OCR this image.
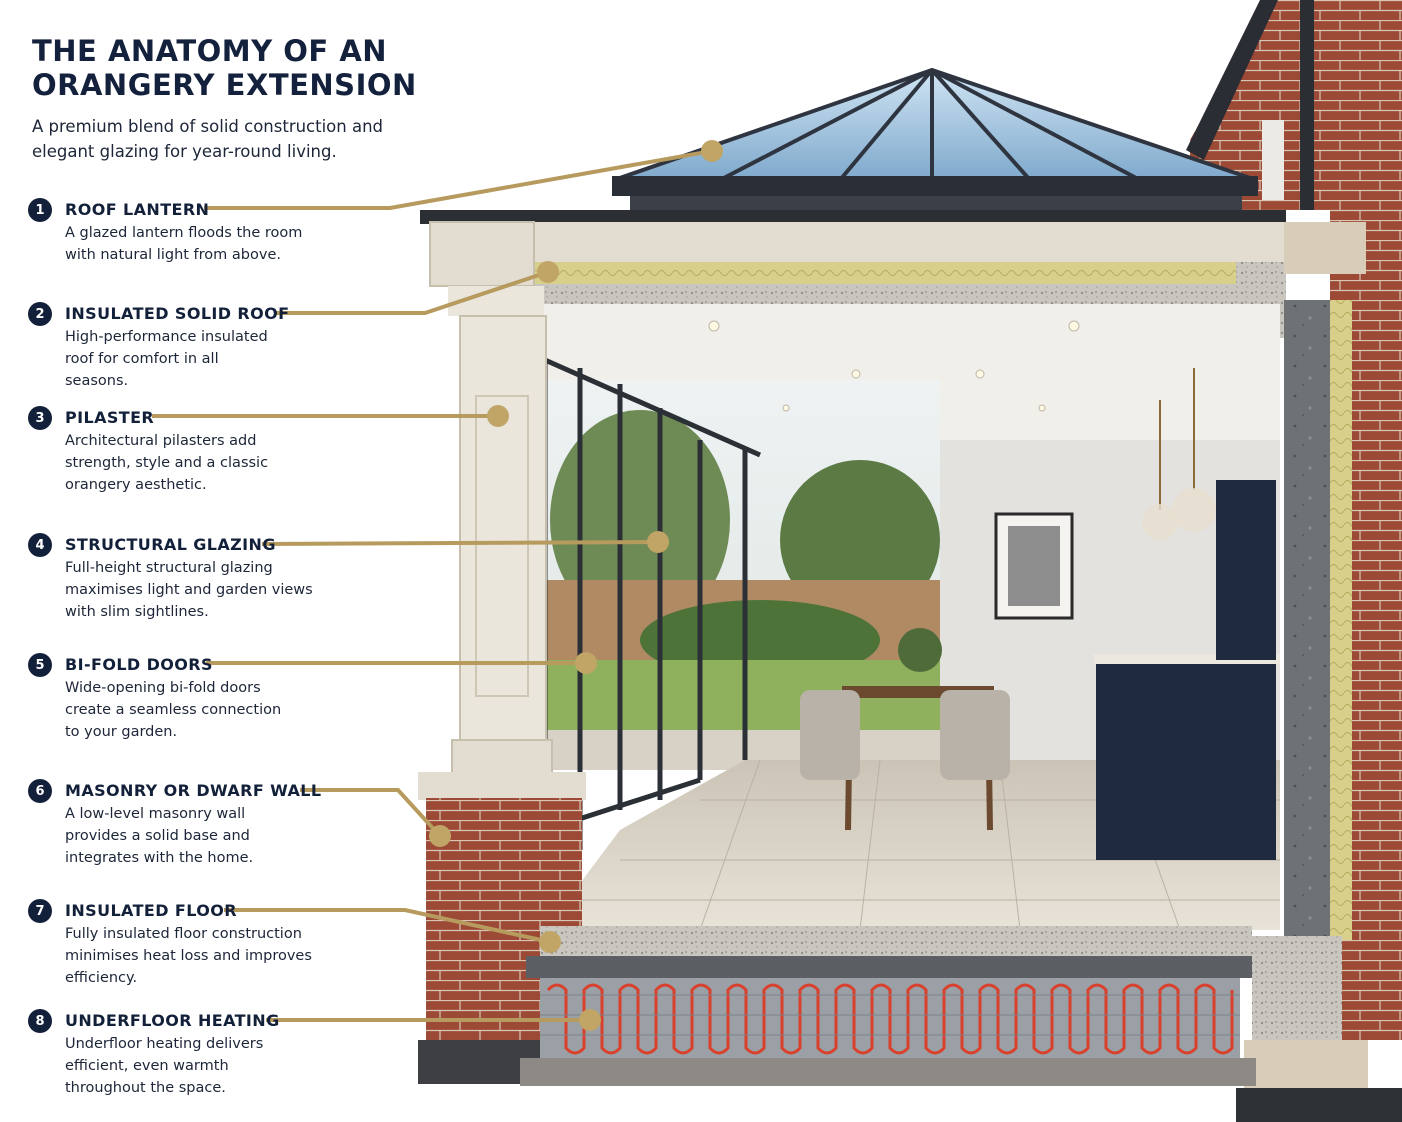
THE ANATOMY OF AN ORANGERY EXTENSION
A premium blend of solid construction and elegant glazing for year-round living.
1	ROOF LANTERN
A glazed lantern floods the room with natural light from above.
2	INSULATED SOLID ROOF
High-performance insulated roof for comfort in all seasons.
3	PILASTER
Architectural pilasters add strength, style and a classic orangery aesthetic.
4	STRUCTURAL GLAZING
Full-height structural glazing maximises light and garden views with slim sightlines.
5	BI-FOLD DOORS
Wide-opening bi-fold doors create a seamless connection to your garden.
6	MASONRY OR DWARF WALL
A low-level masonry wall provides a solid base and integrates with the home.
7	INSULATED FLOOR
Fully insulated floor construction minimises heat loss and improves efficiency.
8	UNDERFLOOR HEATING
Underfloor heating delivers efficient, even warmth throughout the space.
